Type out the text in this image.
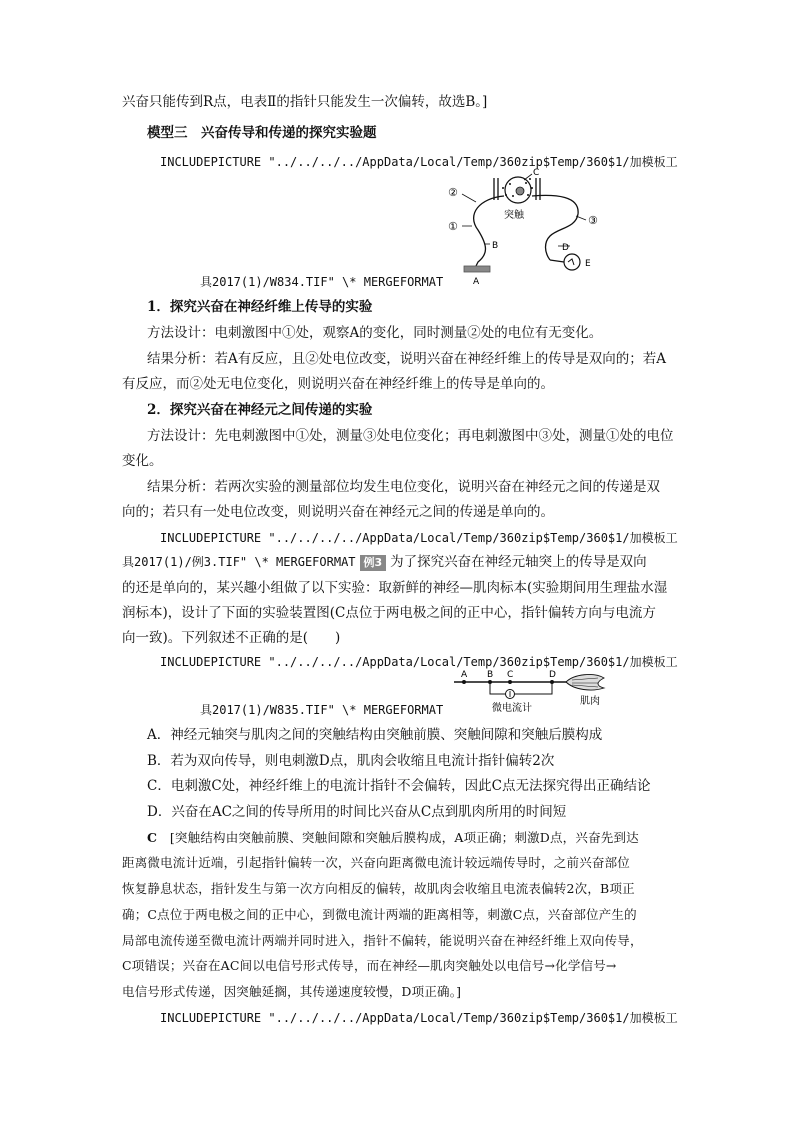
兴奋只能传到R点，电表Ⅱ的指针只能发生一次偏转，故选B。]
模型三　兴奋传导和传递的探究实验题
INCLUDEPICTURE "../../../../AppData/Local/Temp/360zip$Temp/360$1/加模板工
C
②
①	③
突触
B
A
D
E
具2017(1)/W834.TIF" \* MERGEFORMAT
1．探究兴奋在神经纤维上传导的实验
方法设计：电刺激图中①处，观察A的变化，同时测量②处的电位有无变化。
结果分析：若A有反应，且②处电位改变，说明兴奋在神经纤维上的传导是双向的；若A
有反应，而②处无电位变化，则说明兴奋在神经纤维上的传导是单向的。
2．探究兴奋在神经元之间传递的实验
方法设计：先电刺激图中①处，测量③处电位变化；再电刺激图中③处，测量①处的电位
变化。
结果分析：若两次实验的测量部位均发生电位变化，说明兴奋在神经元之间的传递是双
向的；若只有一处电位改变，则说明兴奋在神经元之间的传递是单向的。
INCLUDEPICTURE "../../../../AppData/Local/Temp/360zip$Temp/360$1/加模板工
具2017(1)/例3.TIF" \* MERGEFORMAT 例3 为了探究兴奋在神经元轴突上的传导是双向
的还是单向的，某兴趣小组做了以下实验：取新鲜的神经—肌肉标本(实验期间用生理盐水湿
润标本)，设计了下面的实验装置图(C点位于两电极之间的正中心，指针偏转方向与电流方
向一致)。下列叙述不正确的是(　　)
INCLUDEPICTURE "../../../../AppData/Local/Temp/360zip$Temp/360$1/加模板工
A B C	D
微电流计
肌肉
具2017(1)/W835.TIF" \* MERGEFORMAT
A．神经元轴突与肌肉之间的突触结构由突触前膜、突触间隙和突触后膜构成
B．若为双向传导，则电刺激D点，肌肉会收缩且电流计指针偏转2次
C．电刺激C处，神经纤维上的电流计指针不会偏转，因此C点无法探究得出正确结论
D．兴奋在AC之间的传导所用的时间比兴奋从C点到肌肉所用的时间短
C　 [突触结构由突触前膜、突触间隙和突触后膜构成，A项正确；刺激D点，兴奋先到达
距离微电流计近端，引起指针偏转一次，兴奋向距离微电流计较远端传导时，之前兴奋部位
恢复静息状态，指针发生与第一次方向相反的偏转，故肌肉会收缩且电流表偏转2次，B项正
确；C点位于两电极之间的正中心，到微电流计两端的距离相等，刺激C点，兴奋部位产生的
局部电流传递至微电流计两端并同时进入，指针不偏转，能说明兴奋在神经纤维上双向传导，
C项错误；兴奋在AC间以电信号形式传导，而在神经—肌肉突触处以电信号→化学信号→
电信号形式传递，因突触延搁，其传递速度较慢，D项正确。]
INCLUDEPICTURE "../../../../AppData/Local/Temp/360zip$Temp/360$1/加模板工
